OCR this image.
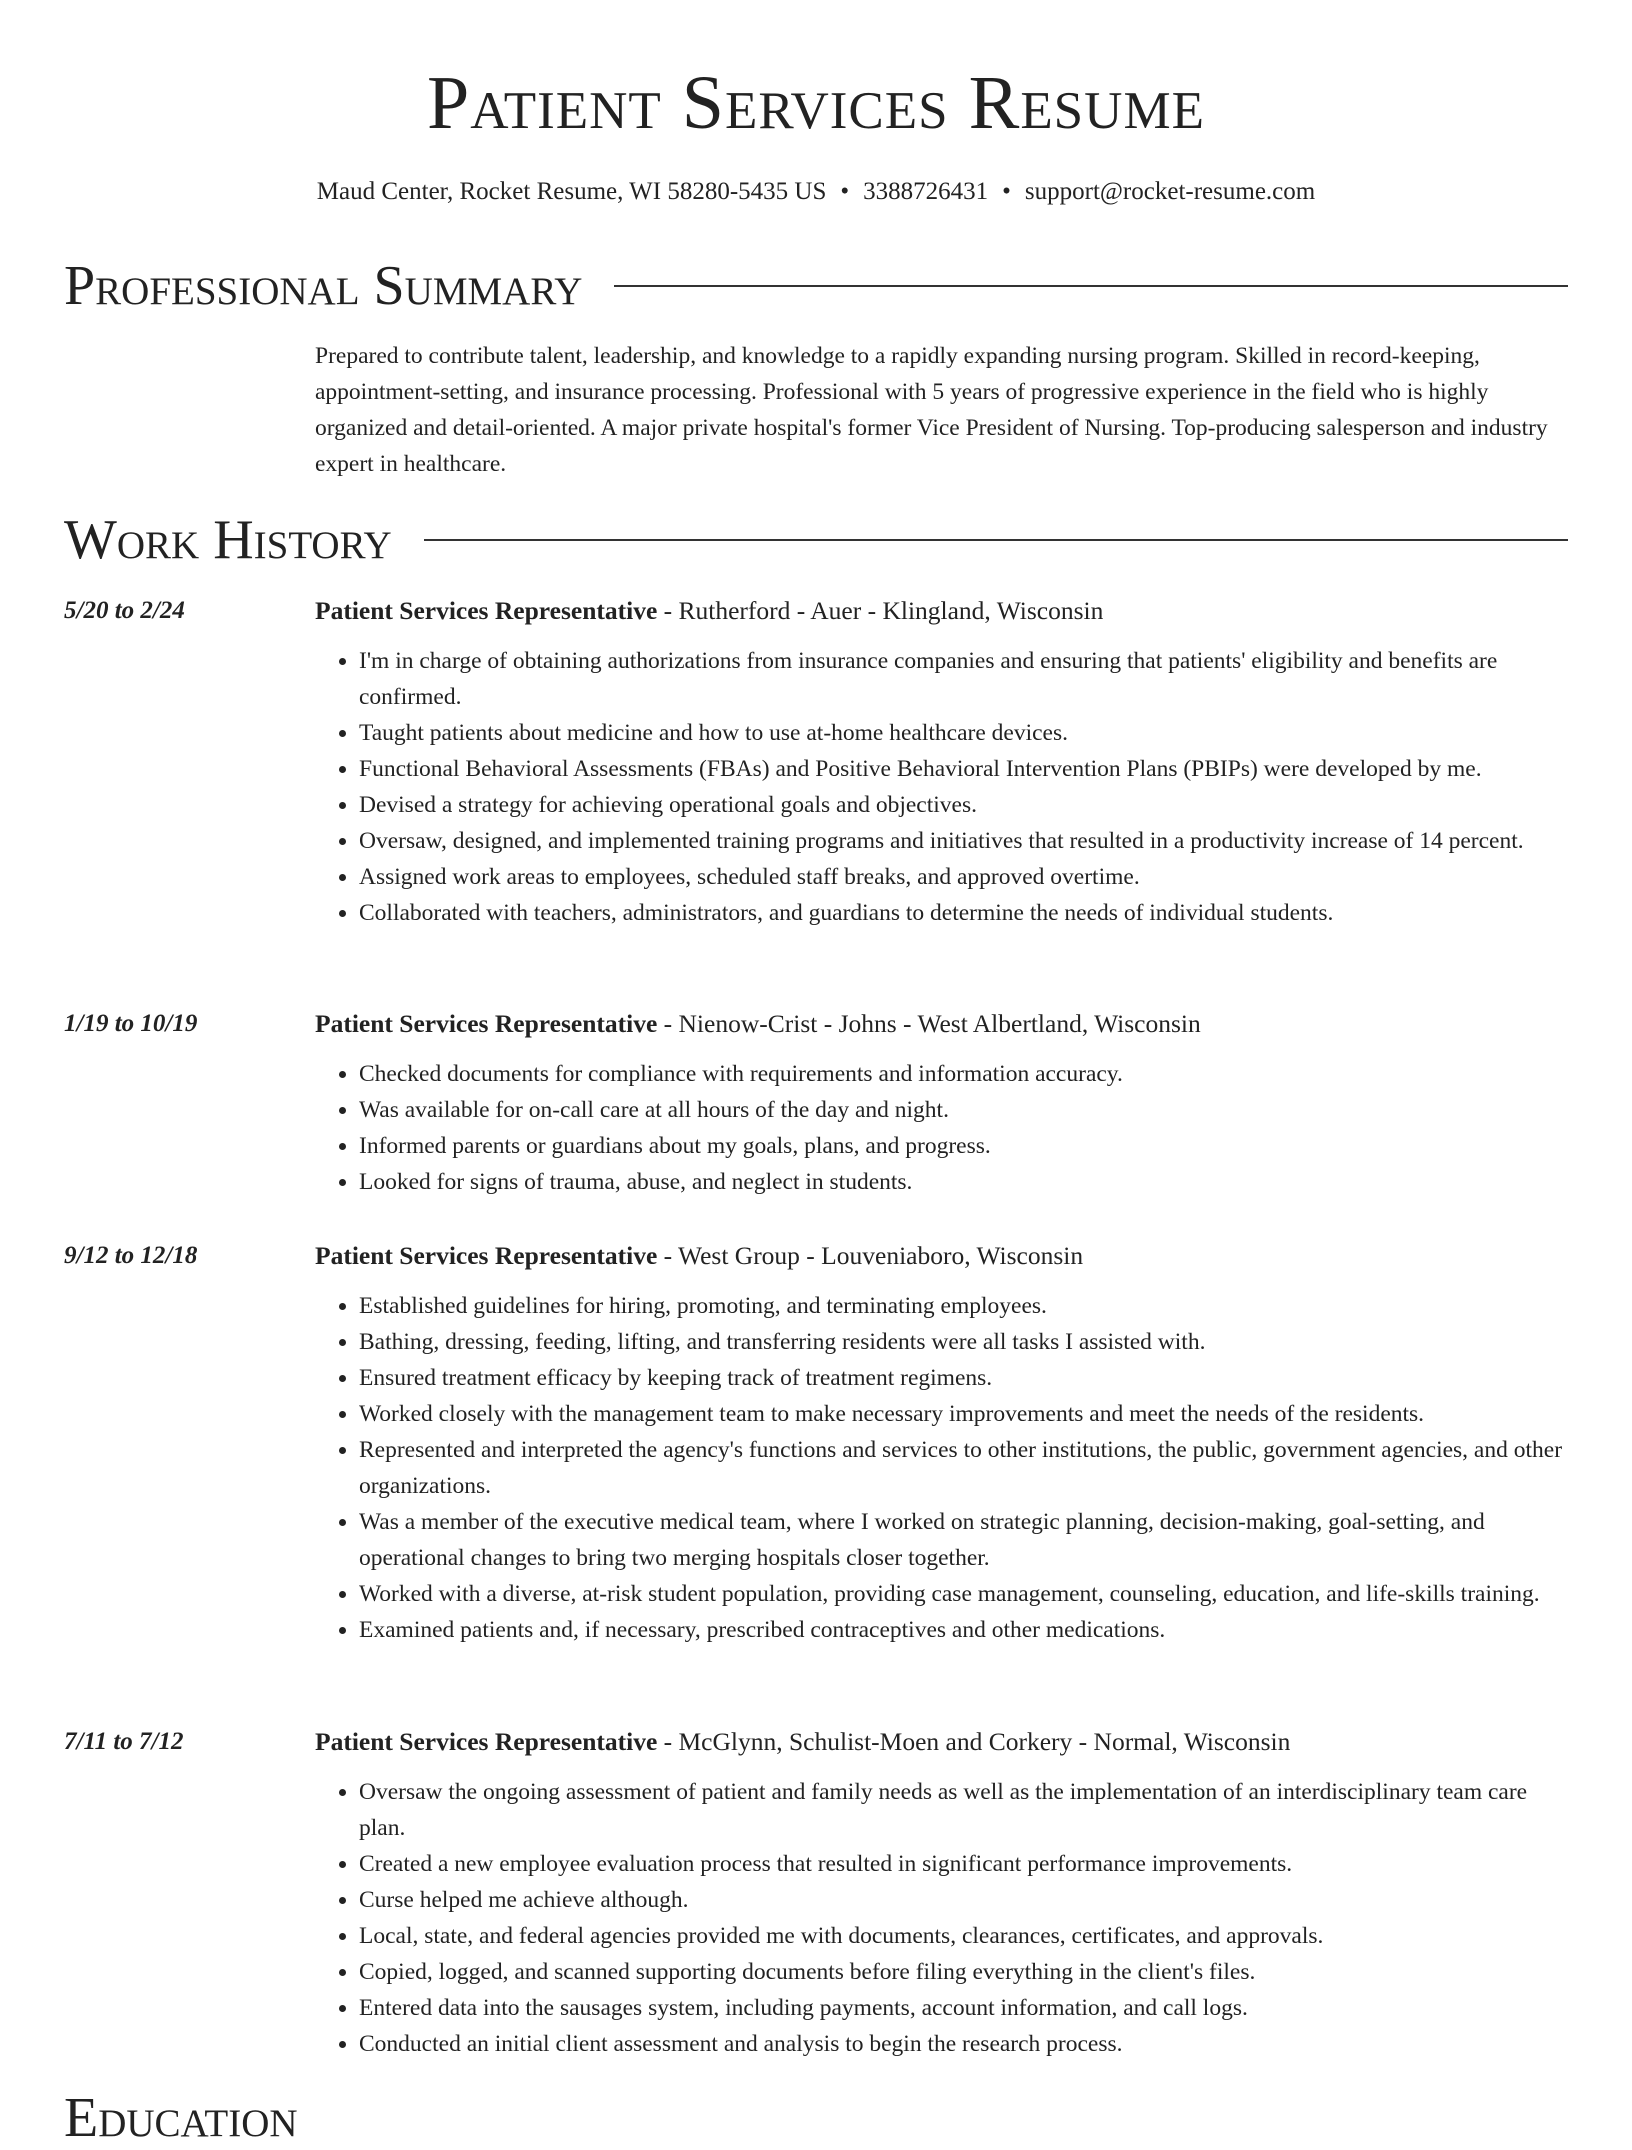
Patient Services Resume
Maud Center, Rocket Resume, WI 58280-5435 US • 3388726431 • support@rocket-resume.com
Professional Summary

Prepared to contribute talent, leadership, and knowledge to a rapidly expanding nursing program. Skilled in record-keeping, appointment-setting, and insurance processing. Professional with 5 years of progressive experience in the field who is highly organized and detail-oriented. A major private hospital's former Vice President of Nursing. Top-producing salesperson and industry expert in healthcare.

Work History
5/20 to 2/24	Patient Services Representative - Rutherford - Auer - Klingland, Wisconsin
• I'm in charge of obtaining authorizations from insurance companies and ensuring that patients' eligibility and benefits are confirmed.
• Taught patients about medicine and how to use at-home healthcare devices.
• Functional Behavioral Assessments (FBAs) and Positive Behavioral Intervention Plans (PBIPs) were developed by me.
• Devised a strategy for achieving operational goals and objectives.
• Oversaw, designed, and implemented training programs and initiatives that resulted in a productivity increase of 14 percent.
• Assigned work areas to employees, scheduled staff breaks, and approved overtime.
• Collaborated with teachers, administrators, and guardians to determine the needs of individual students.
1/19 to 10/19	Patient Services Representative - Nienow-Crist - Johns - West Albertland, Wisconsin
• Checked documents for compliance with requirements and information accuracy.
• Was available for on-call care at all hours of the day and night.
• Informed parents or guardians about my goals, plans, and progress.
• Looked for signs of trauma, abuse, and neglect in students.
9/12 to 12/18	Patient Services Representative - West Group - Louveniaboro, Wisconsin
• Established guidelines for hiring, promoting, and terminating employees.
• Bathing, dressing, feeding, lifting, and transferring residents were all tasks I assisted with.
• Ensured treatment efficacy by keeping track of treatment regimens.
• Worked closely with the management team to make necessary improvements and meet the needs of the residents.
• Represented and interpreted the agency's functions and services to other institutions, the public, government agencies, and other organizations.
• Was a member of the executive medical team, where I worked on strategic planning, decision-making, goal-setting, and operational changes to bring two merging hospitals closer together.
• Worked with a diverse, at-risk student population, providing case management, counseling, education, and life-skills training.
• Examined patients and, if necessary, prescribed contraceptives and other medications.
7/11 to 7/12	Patient Services Representative - McGlynn, Schulist-Moen and Corkery - Normal, Wisconsin
• Oversaw the ongoing assessment of patient and family needs as well as the implementation of an interdisciplinary team care plan.
• Created a new employee evaluation process that resulted in significant performance improvements.
• Curse helped me achieve although.
• Local, state, and federal agencies provided me with documents, clearances, certificates, and approvals.
• Copied, logged, and scanned supporting documents before filing everything in the client's files.
• Entered data into the sausages system, including payments, account information, and call logs.
• Conducted an initial client assessment and analysis to begin the research process.
Education
